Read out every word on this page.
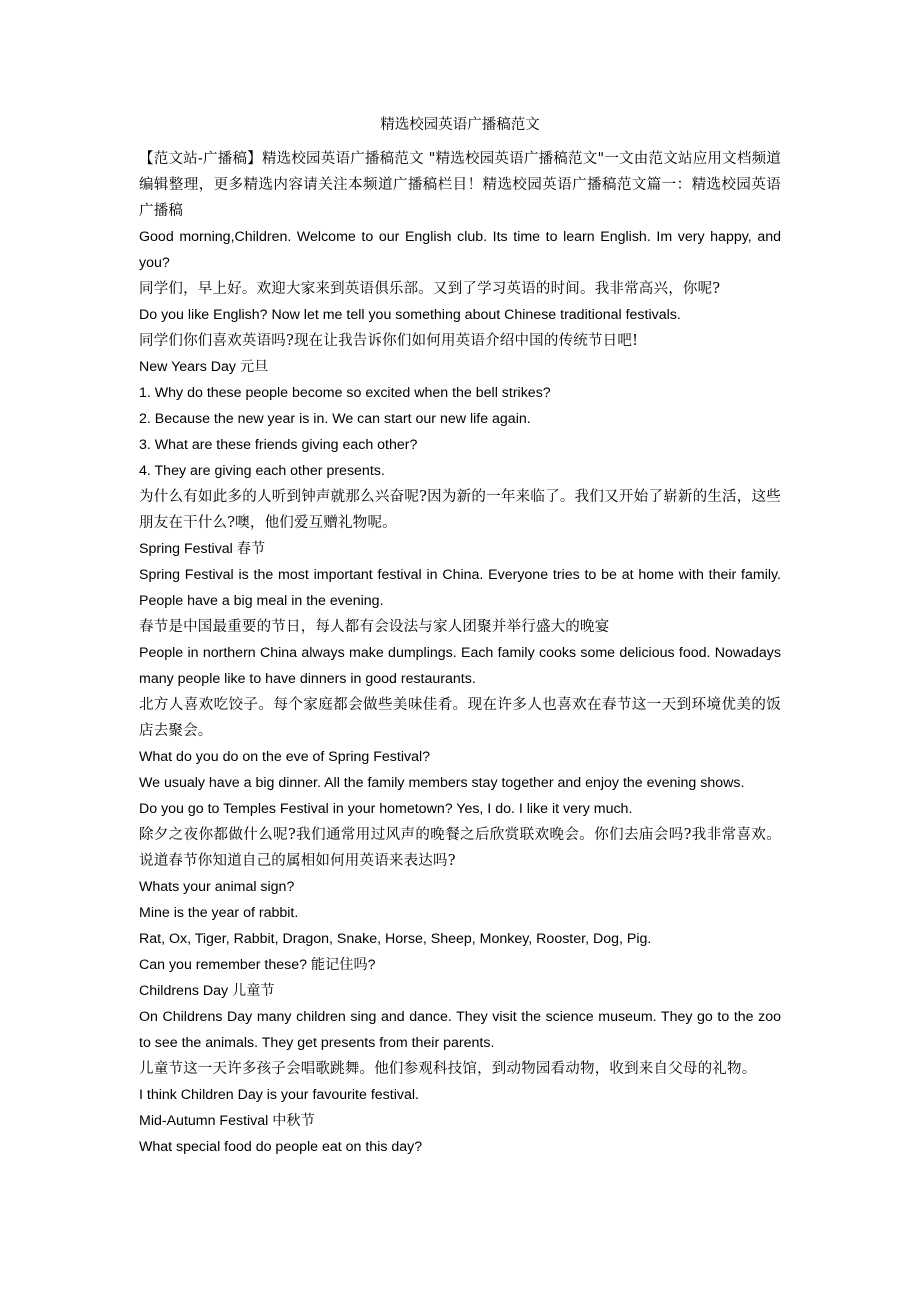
精选校园英语广播稿范文

【范文站-广播稿】精选校园英语广播稿范文 "精选校园英语广播稿范文"一文由范文站应用文档频道编辑整理，更多精选内容请关注本频道广播稿栏目！精选校园英语广播稿范文篇一：精选校园英语广播稿

Good morning,Children. Welcome to our English club. Its time to learn English. Im very happy, and you?

同学们，早上好。欢迎大家来到英语俱乐部。又到了学习英语的时间。我非常高兴，你呢?

Do you like English? Now let me tell you something about Chinese traditional festivals.

同学们你们喜欢英语吗?现在让我告诉你们如何用英语介绍中国的传统节日吧!

New Years Day 元旦

1. Why do these people become so excited when the bell strikes?

2. Because the new year is in. We can start our new life again.

3. What are these friends giving each other?

4. They are giving each other presents.

为什么有如此多的人听到钟声就那么兴奋呢?因为新的一年来临了。我们又开始了崭新的生活，这些朋友在干什么?噢，他们爱互赠礼物呢。

Spring Festival 春节

Spring Festival is the most important festival in China. Everyone tries to be at home with their family. People have a big meal in the evening.

春节是中国最重要的节日，每人都有会设法与家人团聚并举行盛大的晚宴

People in northern China always make dumplings. Each family cooks some delicious food. Nowadays many people like to have dinners in good restaurants.

北方人喜欢吃饺子。每个家庭都会做些美味佳肴。现在许多人也喜欢在春节这一天到环境优美的饭店去聚会。

What do you do on the eve of Spring Festival?

We usualy have a big dinner. All the family members stay together and enjoy the evening shows.

Do you go to Temples Festival in your hometown? Yes, I do. I like it very much.

除夕之夜你都做什么呢?我们通常用过风声的晚餐之后欣赏联欢晚会。你们去庙会吗?我非常喜欢。说道春节你知道自己的属相如何用英语来表达吗?

Whats your animal sign?

Mine is the year of rabbit.

Rat, Ox, Tiger, Rabbit, Dragon, Snake, Horse, Sheep, Monkey, Rooster, Dog, Pig.

Can you remember these? 能记住吗?

Childrens Day 儿童节

On Childrens Day many children sing and dance. They visit the science museum. They go to the zoo to see the animals. They get presents from their parents.

儿童节这一天许多孩子会唱歌跳舞。他们参观科技馆，到动物园看动物，收到来自父母的礼物。

I think Children Day is your favourite festival.

Mid-Autumn Festival 中秋节

What special food do people eat on this day?
